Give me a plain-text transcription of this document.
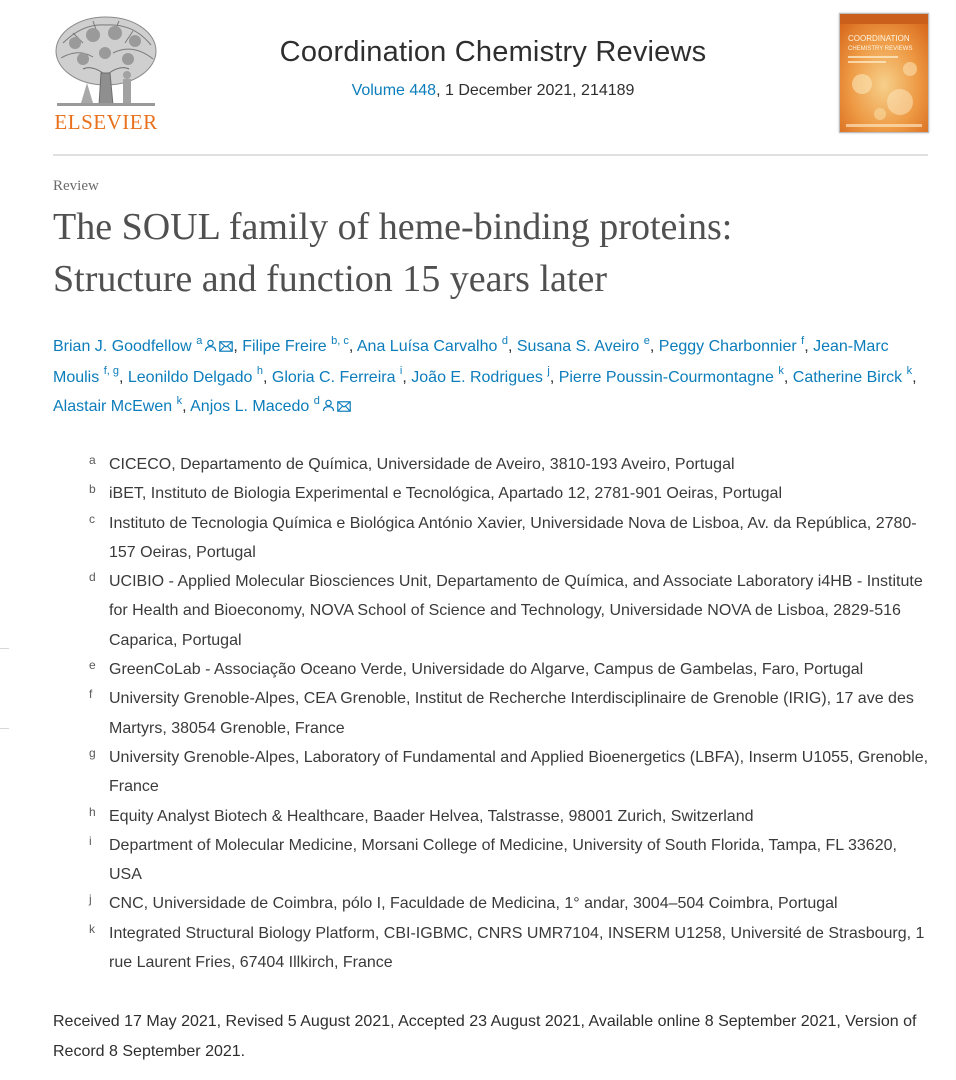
ELSEVIER
Coordination Chemistry Reviews
Volume 448, 1 December 2021, 214189
COORDINATION
CHEMISTRY REVIEWS
Review
The SOUL family of heme-binding proteins:
Structure and function 15 years later
Brian J. Goodfellow $^a$ , Filipe Freire $^{b, c}$, Ana Luísa Carvalho $^d$, Susana S. Aveiro $^e$, Peggy Charbonnier $^f$, Jean-Marc Moulis $^{f, g}$, Leonildo Delgado $^h$, Gloria C. Ferreira $^i$, João E. Rodrigues $^j$, Pierre Poussin-Courmontagne $^k$, Catherine Birck $^k$, Alastair McEwen $^k$, Anjos L. Macedo $^d$
a CICECO, Departamento de Química, Universidade de Aveiro, 3810-193 Aveiro, Portugal
b iBET, Instituto de Biologia Experimental e Tecnológica, Apartado 12, 2781-901 Oeiras, Portugal
c Instituto de Tecnologia Química e Biológica António Xavier, Universidade Nova de Lisboa, Av. da República, 2780-157 Oeiras, Portugal
d UCIBIO - Applied Molecular Biosciences Unit, Departamento de Química, and Associate Laboratory i4HB - Institute for Health and Bioeconomy, NOVA School of Science and Technology, Universidade NOVA de Lisboa, 2829-516 Caparica, Portugal
e GreenCoLab - Associação Oceano Verde, Universidade do Algarve, Campus de Gambelas, Faro, Portugal
f University Grenoble-Alpes, CEA Grenoble, Institut de Recherche Interdisciplinaire de Grenoble (IRIG), 17 ave des Martyrs, 38054 Grenoble, France
g University Grenoble-Alpes, Laboratory of Fundamental and Applied Bioenergetics (LBFA), Inserm U1055, Grenoble, France
h Equity Analyst Biotech & Healthcare, Baader Helvea, Talstrasse, 98001 Zurich, Switzerland
i Department of Molecular Medicine, Morsani College of Medicine, University of South Florida, Tampa, FL 33620, USA
j CNC, Universidade de Coimbra, pólo I, Faculdade de Medicina, 1° andar, 3004–504 Coimbra, Portugal
k Integrated Structural Biology Platform, CBI-IGBMC, CNRS UMR7104, INSERM U1258, Université de Strasbourg, 1 rue Laurent Fries, 67404 Illkirch, France
Received 17 May 2021, Revised 5 August 2021, Accepted 23 August 2021, Available online 8 September 2021, Version of Record 8 September 2021.
